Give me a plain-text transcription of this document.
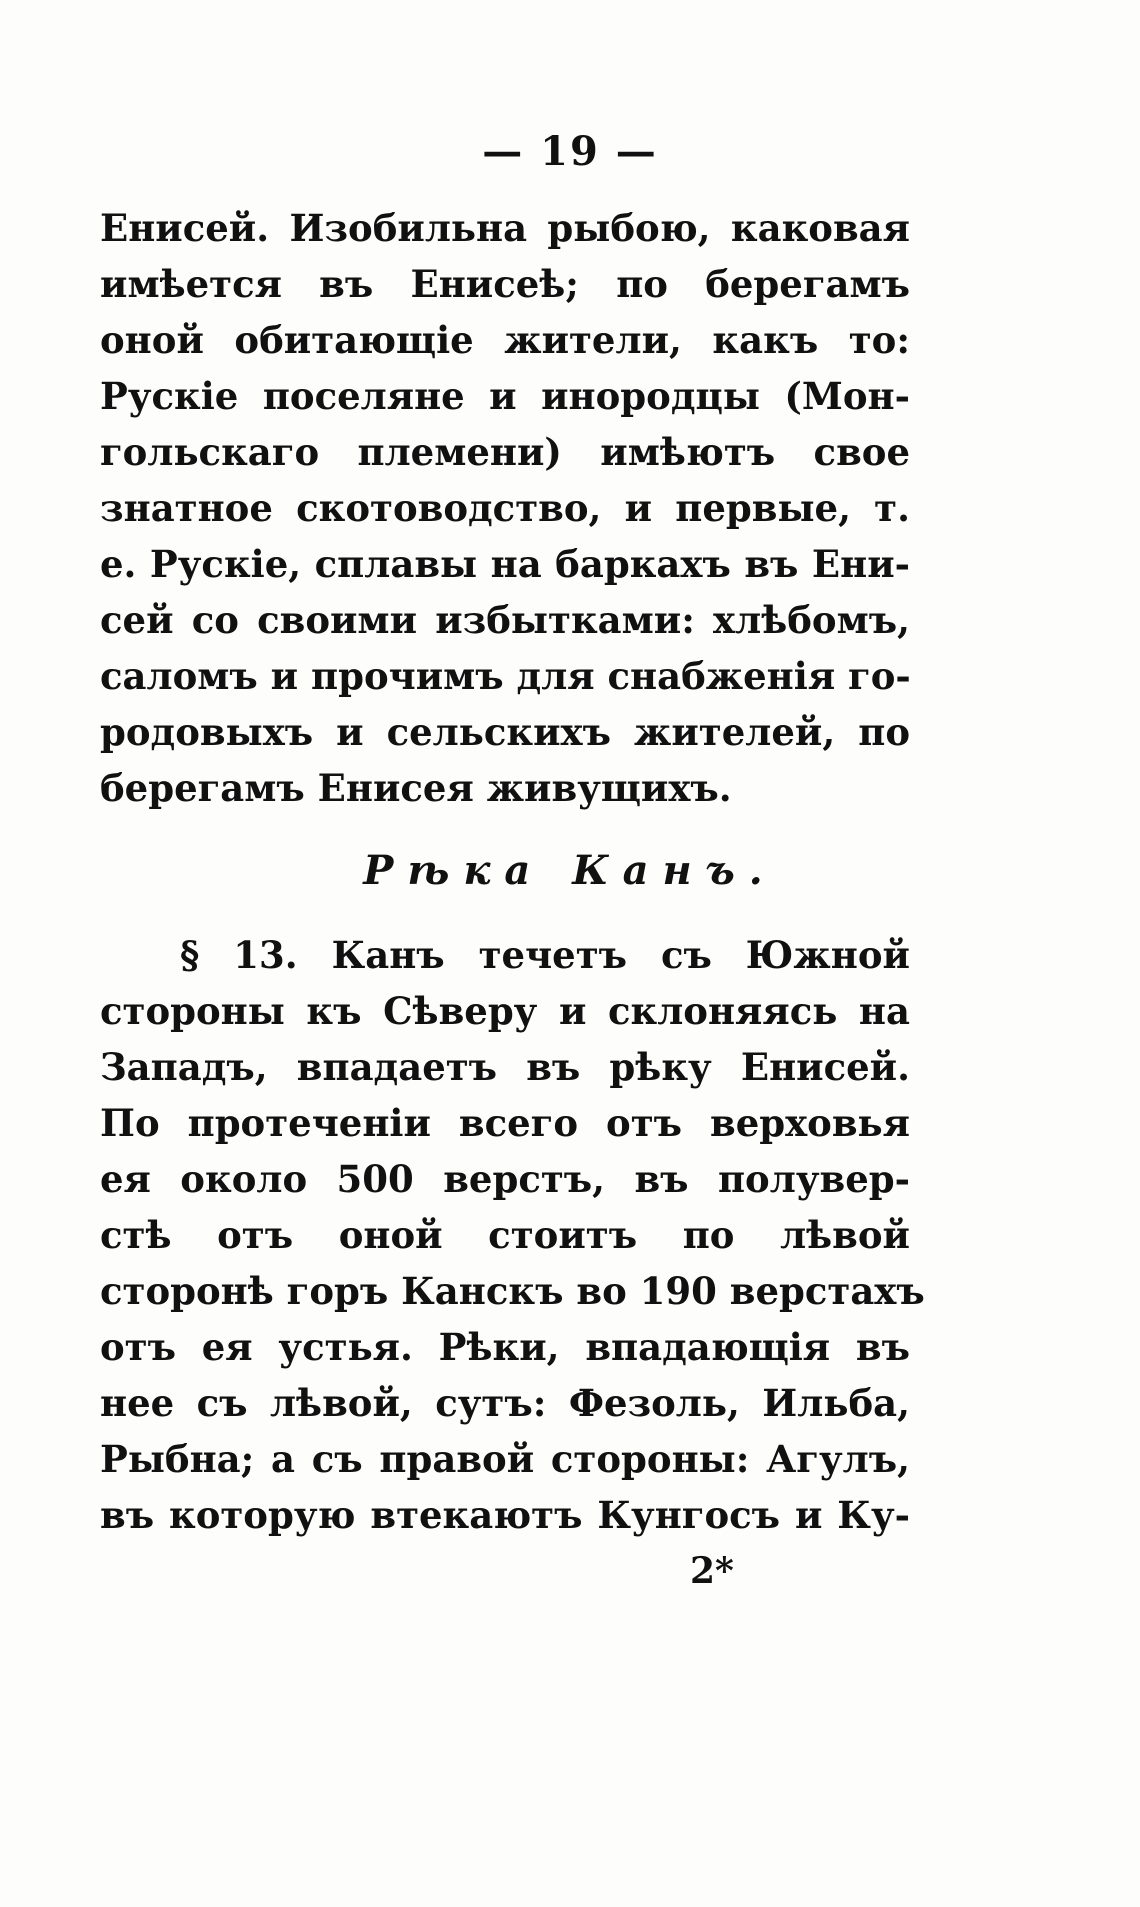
— 19 —
Енисей. Изобильна рыбою, каковая
имѣется въ Енисеѣ; по берегамъ
оной обитающіе жители, какъ то:
Рускіе поселяне и инородцы (Мон-
гольскаго племени) имѣютъ свое
знатное скотоводство, и первые, т.
е. Рускіе, сплавы на баркахъ въ Ени-
сей со своими избытками: хлѣбомъ,
саломъ и прочимъ для снабженія го-
родовыхъ и сельскихъ жителей, по
берегамъ Енисея живущихъ.
Рѣка Канъ.
§ 13. Канъ течетъ съ Южной
стороны къ Сѣверу и склоняясь на
Западъ, впадаетъ въ рѣку Енисей.
По протеченіи всего отъ верховья
ея около 500 верстъ, въ полувер-
стѣ отъ оной стоитъ по лѣвой
сторонѣ горъ Канскъ во 190 верстахъ
отъ ея устья. Рѣки, впадающія въ
нее съ лѣвой, сутъ: Фезоль, Ильба,
Рыбна; а съ правой стороны: Агулъ,
въ которую втекаютъ Кунгосъ и Ку-
2*
